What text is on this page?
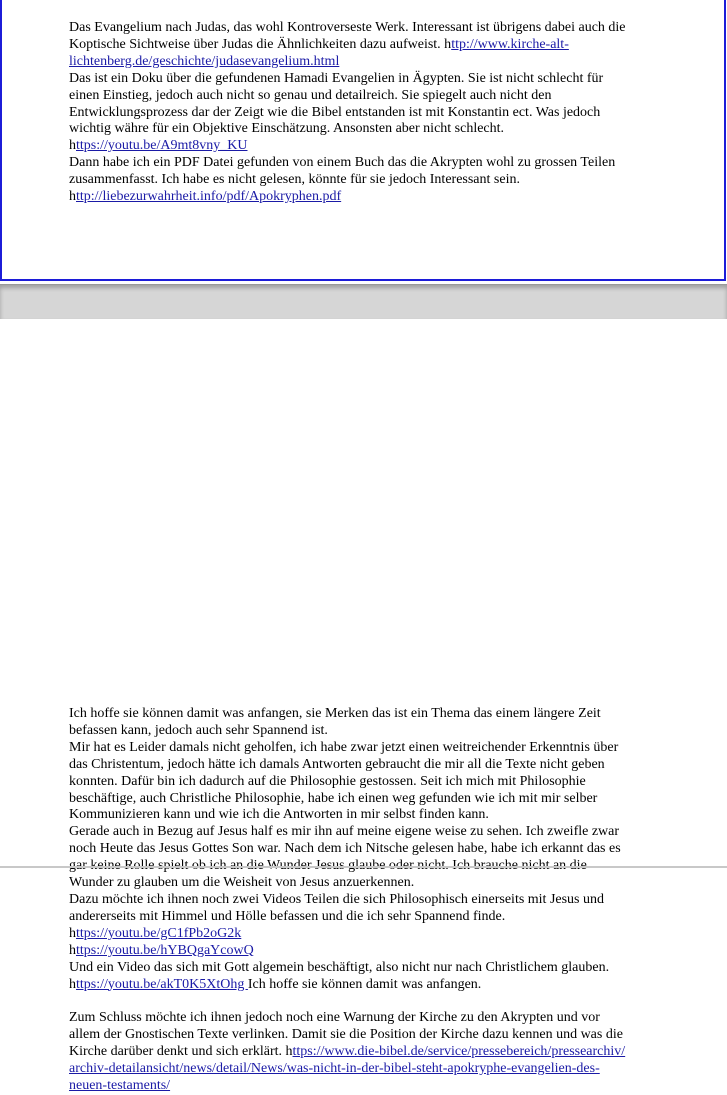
Das Evangelium nach Judas, das wohl Kontroverseste Werk. Interessant ist übrigens dabei auch die
Koptische Sichtweise über Judas die Ähnlichkeiten dazu aufweist. http://www.kirche-alt-
lichtenberg.de/geschichte/judasevangelium.html
Das ist ein Doku über die gefundenen Hamadi Evangelien in Ägypten. Sie ist nicht schlecht für
einen Einstieg, jedoch auch nicht so genau und detailreich. Sie spiegelt auch nicht den
Entwicklungsprozess dar der Zeigt wie die Bibel entstanden ist mit Konstantin ect. Was jedoch
wichtig währe für ein Objektive Einschätzung. Ansonsten aber nicht schlecht.
https://youtu.be/A9mt8vny_KU
Dann habe ich ein PDF Datei gefunden von einem Buch das die Akrypten wohl zu grossen Teilen
zusammenfasst. Ich habe es nicht gelesen, könnte für sie jedoch Interessant sein.
http://liebezurwahrheit.info/pdf/Apokryphen.pdf
Ich hoffe sie können damit was anfangen, sie Merken das ist ein Thema das einem längere Zeit
befassen kann, jedoch auch sehr Spannend ist.
Mir hat es Leider damals nicht geholfen, ich habe zwar jetzt einen weitreichender Erkenntnis über
das Christentum, jedoch hätte ich damals Antworten gebraucht die mir all die Texte nicht geben
konnten. Dafür bin ich dadurch auf die Philosophie gestossen. Seit ich mich mit Philosophie
beschäftige, auch Christliche Philosophie, habe ich einen weg gefunden wie ich mit mir selber
Kommunizieren kann und wie ich die Antworten in mir selbst finden kann.
Gerade auch in Bezug auf Jesus half es mir ihn auf meine eigene weise zu sehen. Ich zweifle zwar
noch Heute das Jesus Gottes Son war. Nach dem ich Nitsche gelesen habe, habe ich erkannt das es
Wunder zu glauben um die Weisheit von Jesus anzuerkennen.
Dazu möchte ich ihnen noch zwei Videos Teilen die sich Philosophisch einerseits mit Jesus und
andererseits mit Himmel und Hölle befassen und die ich sehr Spannend finde.
https://youtu.be/gC1fPb2oG2k
https://youtu.be/hYBQgaYcowQ
Und ein Video das sich mit Gott algemein beschäftigt, also nicht nur nach Christlichem glauben.
https://youtu.be/akT0K5XtOhg Ich hoffe sie können damit was anfangen.
Zum Schluss möchte ich ihnen jedoch noch eine Warnung der Kirche zu den Akrypten und vor
allem der Gnostischen Texte verlinken. Damit sie die Position der Kirche dazu kennen und was die
Kirche darüber denkt und sich erklärt. https://www.die-bibel.de/service/pressebereich/pressearchiv/
archiv-detailansicht/news/detail/News/was-nicht-in-der-bibel-steht-apokryphe-evangelien-des-
neuen-testaments/
